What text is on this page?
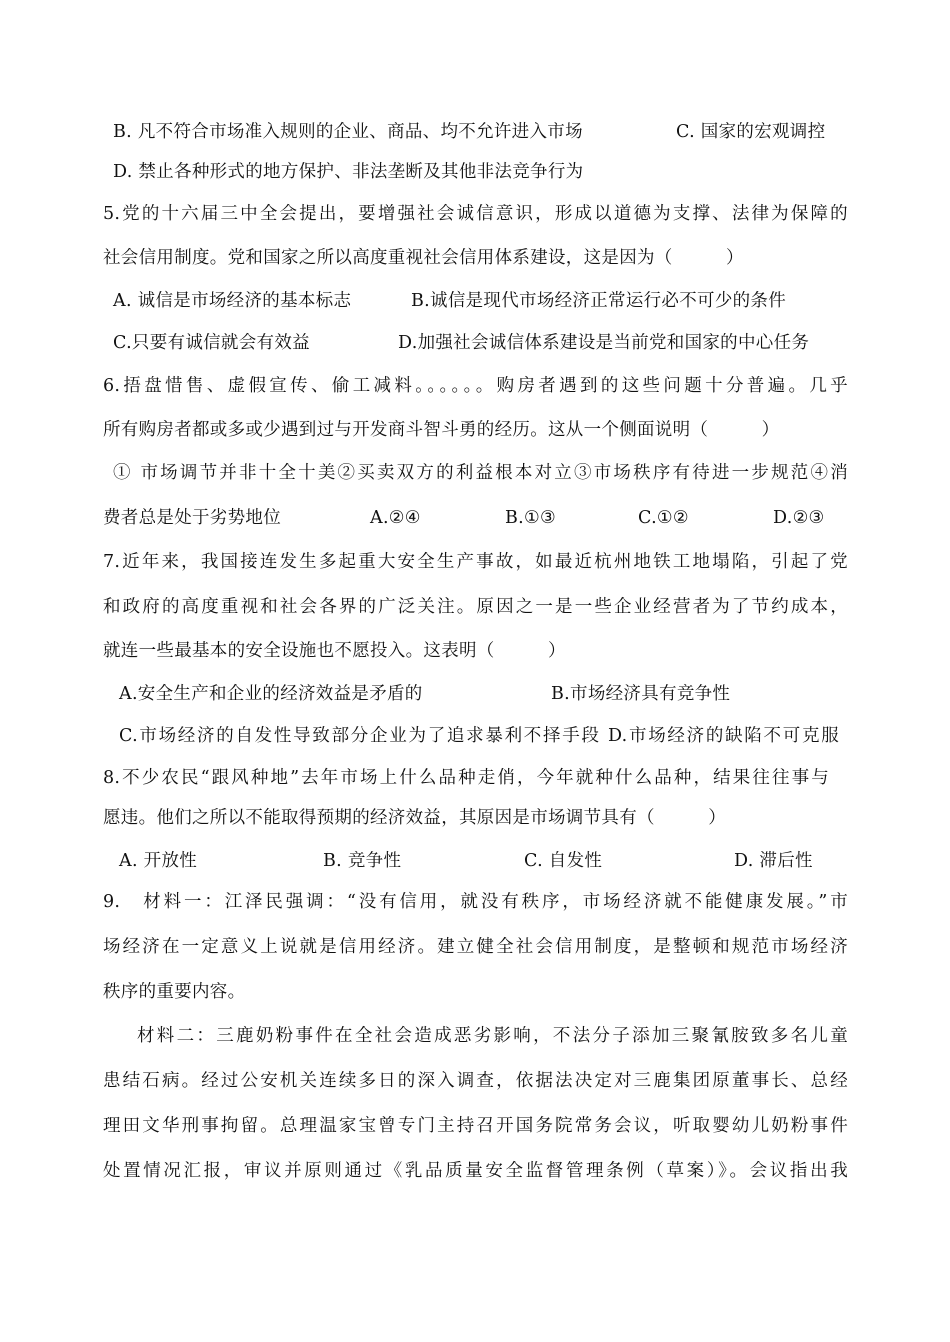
B. 凡不符合市场准入规则的企业、商品、均不允许进入市场	C. 国家的宏观调控
D. 禁止各种形式的地方保护、非法垄断及其他非法竞争行为
5.党的十六届三中全会提出，要增强社会诚信意识，形成以道德为支撑、法律为保障的
社会信用制度。党和国家之所以高度重视社会信用体系建设，这是因为（　　　）
A. 诚信是市场经济的基本标志	B.诚信是现代市场经济正常运行必不可少的条件
C.只要有诚信就会有效益	D.加强社会诚信体系建设是当前党和国家的中心任务
6.捂盘惜售、虚假宣传、偷工减料。。。。。。购房者遇到的这些问题十分普遍。几乎
所有购房者都或多或少遇到过与开发商斗智斗勇的经历。这从一个侧面说明（　　　）
① 市场调节并非十全十美②买卖双方的利益根本对立③市场秩序有待进一步规范④消
费者总是处于劣势地位	A.②④	B.①③	C.①②	D.②③
7.近年来，我国接连发生多起重大安全生产事故，如最近杭州地铁工地塌陷，引起了党
和政府的高度重视和社会各界的广泛关注。原因之一是一些企业经营者为了节约成本，
就连一些最基本的安全设施也不愿投入。这表明（　　　）
A.安全生产和企业的经济效益是矛盾的	B.市场经济具有竞争性
C.市场经济的自发性导致部分企业为了追求暴利不择手段 D.市场经济的缺陷不可克服
8.不少农民“跟风种地”去年市场上什么品种走俏，今年就种什么品种，结果往往事与
愿违。他们之所以不能取得预期的经济效益，其原因是市场调节具有（　　　）
A. 开放性	B. 竞争性	C. 自发性	D. 滞后性
9.　材料一：江泽民强调：“没有信用，就没有秩序，市场经济就不能健康发展。”市
场经济在一定意义上说就是信用经济。建立健全社会信用制度，是整顿和规范市场经济
秩序的重要内容。
材料二：三鹿奶粉事件在全社会造成恶劣影响，不法分子添加三聚氰胺致多名儿童
患结石病。经过公安机关连续多日的深入调查，依据法决定对三鹿集团原董事长、总经
理田文华刑事拘留。总理温家宝曾专门主持召开国务院常务会议，听取婴幼儿奶粉事件
处置情况汇报，审议并原则通过《乳品质量安全监督管理条例（草案）》。会议指出我
